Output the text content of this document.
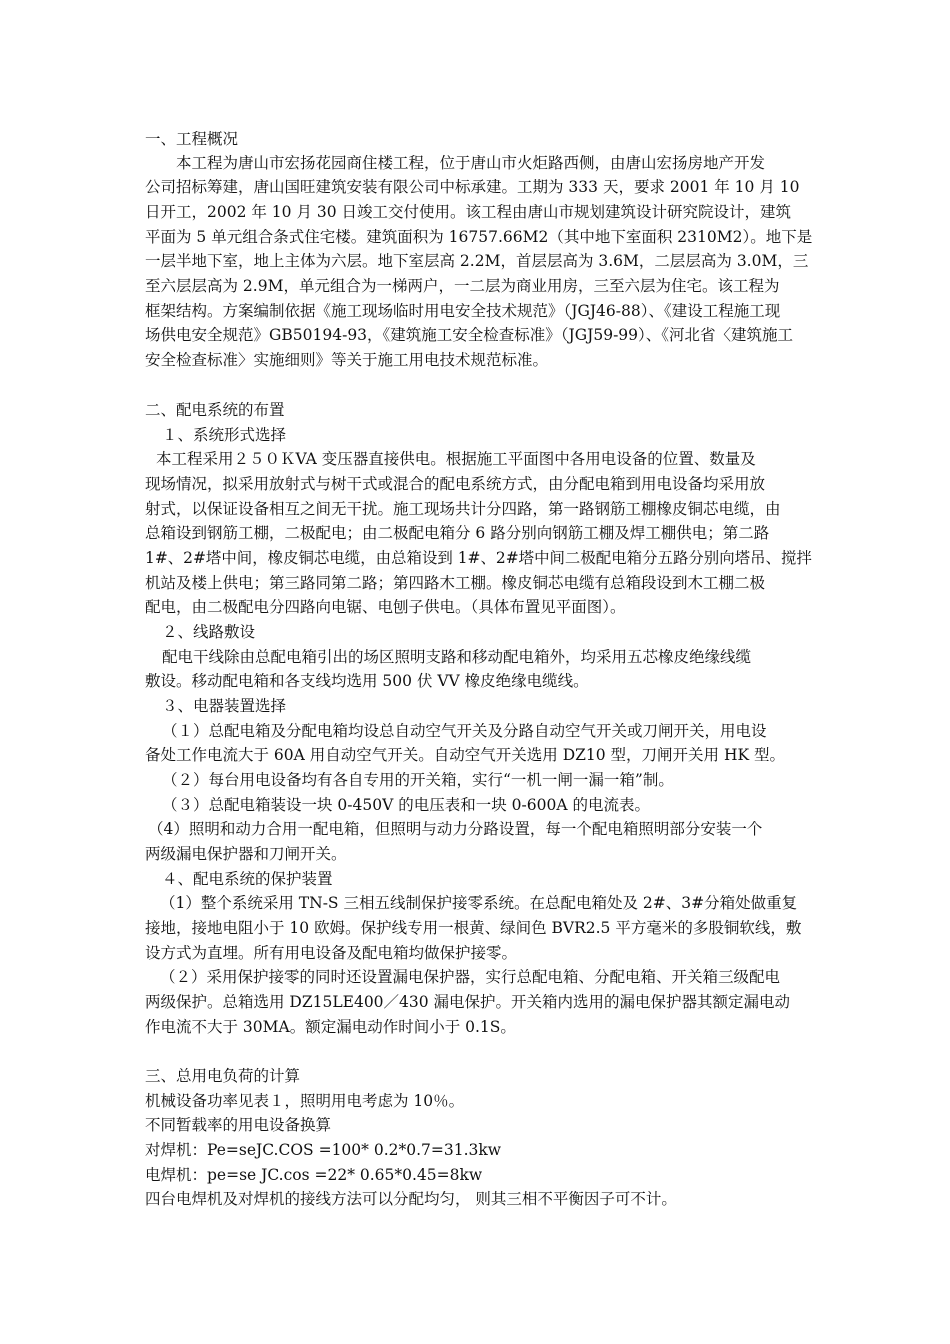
一、工程概况
本工程为唐山市宏扬花园商住楼工程，位于唐山市火炬路西侧，由唐山宏扬房地产开发
公司招标筹建，唐山国旺建筑安装有限公司中标承建。工期为 333 天，要求 2001 年 10 月 10
日开工，2002 年 10 月 30 日竣工交付使用。该工程由唐山市规划建筑设计研究院设计，建筑
平面为 5 单元组合条式住宅楼。建筑面积为 16757.66M2（其中地下室面积 2310M2）。地下是
一层半地下室，地上主体为六层。地下室层高 2.2M，首层层高为 3.6M，二层层高为 3.0M，三
至六层层高为 2.9M，单元组合为一梯两户，一二层为商业用房，三至六层为住宅。该工程为
框架结构。方案编制依据《施工现场临时用电安全技术规范》（JGJ46-88）、《建设工程施工现
场供电安全规范》GB50194-93，《建筑施工安全检查标准》（JGJ59-99）、《河北省〈建筑施工
安全检查标准〉实施细则》等关于施工用电技术规范标准。
二、配电系统的布置
１、系统形式选择
本工程采用２５０ＫVA 变压器直接供电。根据施工平面图中各用电设备的位置、数量及
现场情况，拟采用放射式与树干式或混合的配电系统方式，由分配电箱到用电设备均采用放
射式，以保证设备相互之间无干扰。施工现场共计分四路，第一路钢筋工棚橡皮铜芯电缆，由
总箱设到钢筋工棚，二极配电；由二极配电箱分 6 路分别向钢筋工棚及焊工棚供电；第二路
1#、2#塔中间，橡皮铜芯电缆，由总箱设到 1#、2#塔中间二极配电箱分五路分别向塔吊、搅拌
机站及楼上供电；第三路同第二路；第四路木工棚。橡皮铜芯电缆有总箱段设到木工棚二极
配电，由二极配电分四路向电锯、电刨子供电。（具体布置见平面图）。
２、线路敷设
配电干线除由总配电箱引出的场区照明支路和移动配电箱外，均采用五芯橡皮绝缘线缆
敷设。移动配电箱和各支线均选用 500 伏 VV 橡皮绝缘电缆线。
３、电器装置选择
（１）总配电箱及分配电箱均设总自动空气开关及分路自动空气开关或刀闸开关，用电设
备处工作电流大于 60A 用自动空气开关。自动空气开关选用 DZ10 型，刀闸开关用 HK 型。
（２）每台用电设备均有各自专用的开关箱，实行“一机一闸一漏一箱”制。
（３）总配电箱装设一块 0-450V 的电压表和一块 0-600A 的电流表。
（4）照明和动力合用一配电箱，但照明与动力分路设置，每一个配电箱照明部分安装一个
两级漏电保护器和刀闸开关。
４、配电系统的保护装置
（1）整个系统采用 TN-S 三相五线制保护接零系统。在总配电箱处及 2#、3#分箱处做重复
接地，接地电阻小于 10 欧姆。保护线专用一根黄、绿间色 BVR2.5 平方毫米的多股铜软线，敷
设方式为直埋。所有用电设备及配电箱均做保护接零。
（２）采用保护接零的同时还设置漏电保护器，实行总配电箱、分配电箱、开关箱三级配电
两级保护。总箱选用 DZ15LE400／430 漏电保护。开关箱内选用的漏电保护器其额定漏电动
作电流不大于 30MA。额定漏电动作时间小于 0.1S。
三、总用电负荷的计算
机械设备功率见表１，照明用电考虑为 10％。
不同暂载率的用电设备换算
对焊机：Pe=seJC.COS =100* 0.2*0.7=31.3kw
电焊机：pe=se JC.cos =22* 0.65*0.45=8kw
四台电焊机及对焊机的接线方法可以分配均匀， 则其三相不平衡因子可不计。
